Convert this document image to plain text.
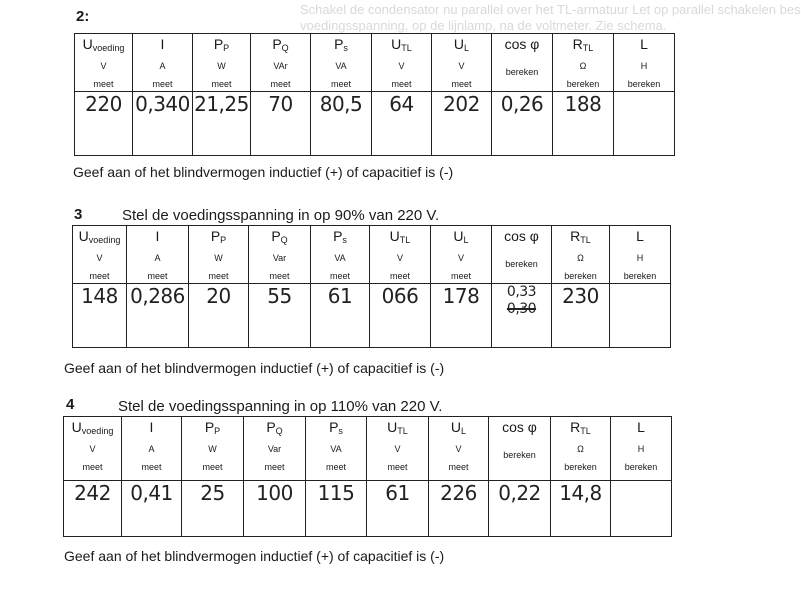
Schakel de condensator nu parallel over het TL-armatuur Let op parallel schakelen bes
voedingsspanning, op de lijnlamp, na de voltmeter. Zie schema.
2:
$U_{voeding}$
V
meet	I
A
meet	$P_P$
W
meet	$P_Q$
VAr
meet	$P_s$
VA
meet	$U_{TL}$
V
meet	$U_L$
V
meet	cos φ
bereken	$R_{TL}$
Ω
bereken	L
H
bereken

220	0,340	21,25	70	80,5	64	202	0,26	188	
Geef aan of het blindvermogen inductief (+) of capacitief is (-)
3	Stel de voedingsspanning in op 90% van 220 V.
$U_{voeding}$
V
meet	I
A
meet	$P_P$
W
meet	$P_Q$
Var
meet	$P_s$
VA
meet	$U_{TL}$
V
meet	$U_L$
V
meet	cos φ
bereken	$R_{TL}$
Ω
bereken	L
H
bereken

148	0,286	20	55	61	066	178	0,33
0,30	230	
Geef aan of het blindvermogen inductief (+) of capacitief is (-)
4	Stel de voedingsspanning in op 110% van 220 V.
$U_{voeding}$
V
meet	I
A
meet	$P_P$
W
meet	$P_Q$
Var
meet	$P_s$
VA
meet	$U_{TL}$
V
meet	$U_L$
V
meet	cos φ
bereken	$R_{TL}$
Ω
bereken	L
H
bereken

242	0,41	25	100	115	61	226	0,22	14,8	
Geef aan of het blindvermogen inductief (+) of capacitief is (-)
